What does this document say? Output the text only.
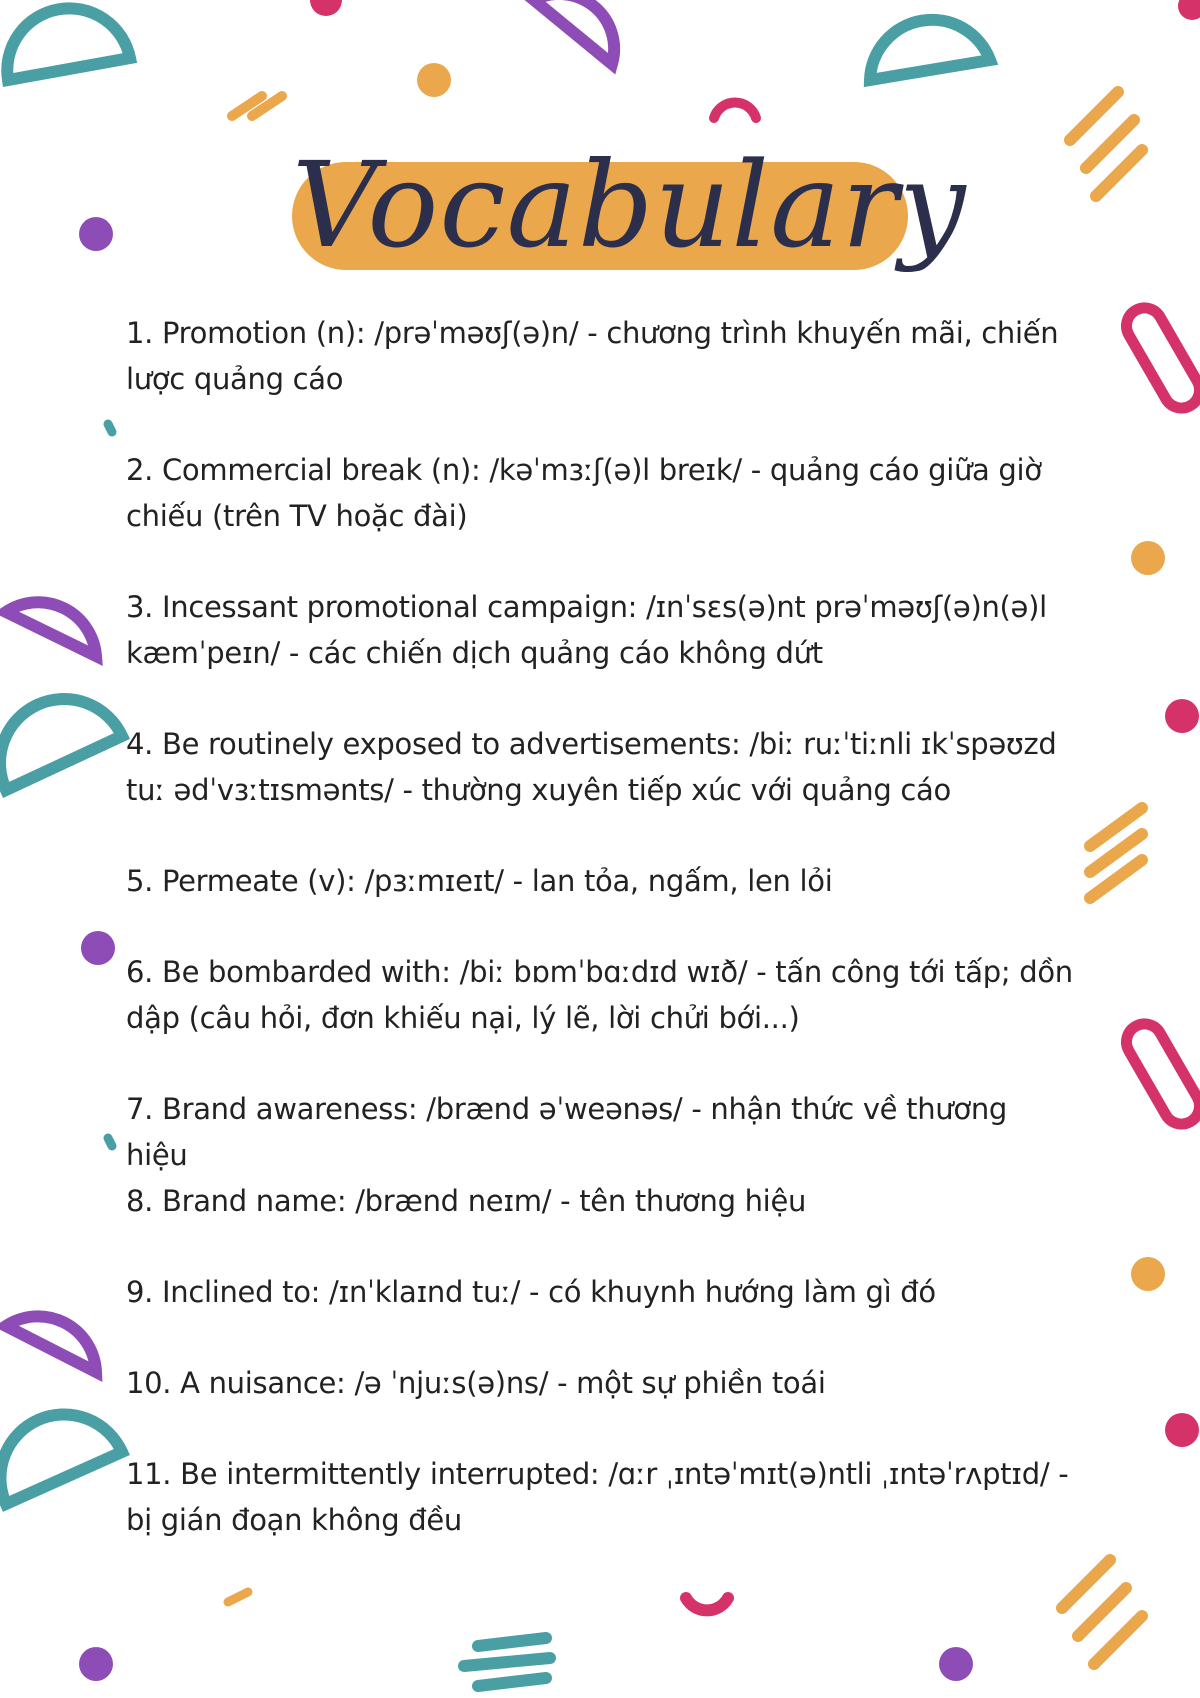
Vocabulary

1. Promotion (n): /prəˈməʊʃ(ə)n/ - chương trình khuyến mãi, chiến lược quảng cáo

2. Commercial break (n): /kəˈmɜːʃ(ə)l breɪk/ - quảng cáo giữa giờ chiếu (trên TV hoặc đài)

3. Incessant promotional campaign: /ɪnˈsɛs(ə)nt prəˈməʊʃ(ə)n(ə)l kæmˈpeɪn/ - các chiến dịch quảng cáo không dứt

4. Be routinely exposed to advertisements: /biː ruːˈtiːnli ɪkˈspəʊzd tuː ədˈvɜːtɪsmənts/ - thường xuyên tiếp xúc với quảng cáo

5. Permeate (v): /pɜːmɪeɪt/ - lan tỏa, ngấm, len lỏi

6. Be bombarded with: /biː bɒmˈbɑːdɪd wɪð/ - tấn công tới tấp; dồn dập (câu hỏi, đơn khiếu nại, lý lẽ, lời chửi bới...)

7. Brand awareness: /brænd əˈweənəs/ - nhận thức về thương hiệu

8. Brand name: /brænd neɪm/ - tên thương hiệu

9. Inclined to: /ɪnˈklaɪnd tuː/ - có khuynh hướng làm gì đó

10. A nuisance: /ə ˈnjuːs(ə)ns/ - một sự phiền toái

11. Be intermittently interrupted: /ɑːr ˌɪntəˈmɪt(ə)ntli ˌɪntəˈrʌptɪd/ - bị gián đoạn không đều
